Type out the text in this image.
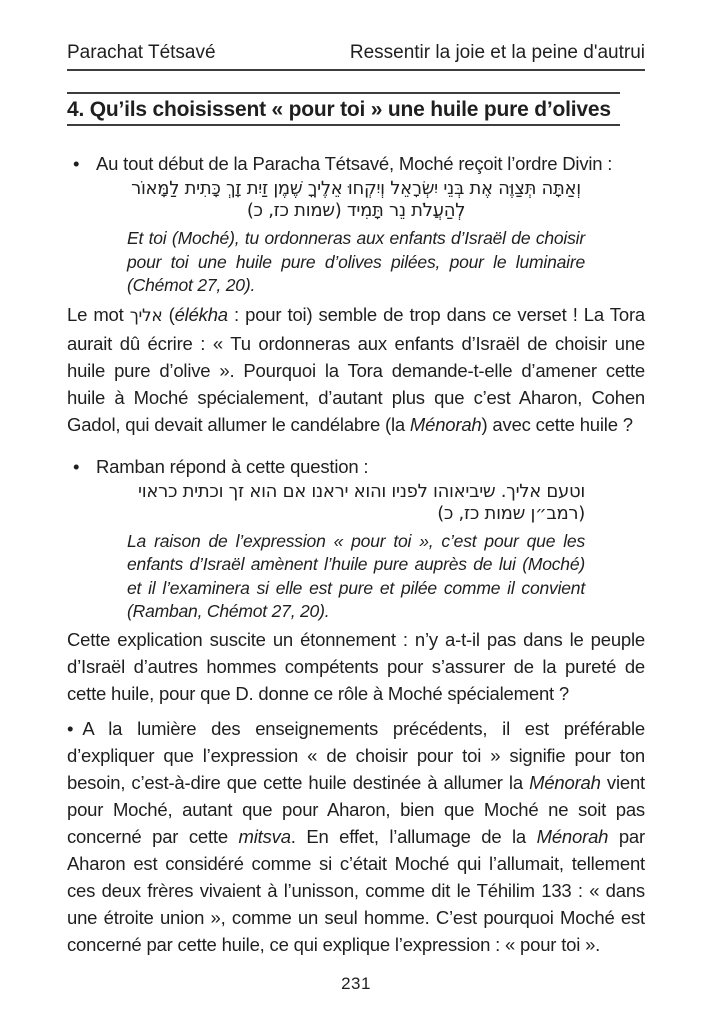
Parachat Tétsavé	Ressentir la joie et la peine d'autrui
4. Qu’ils choisissent « pour toi » une huile pure d’olives

• Au tout début de la Paracha Tétsavé, Moché reçoit l’ordre Divin :

וְאַתָּה תְּצַוֶּה אֶת בְּנֵי יִשְׂרָאֵל וְיִקְחוּ אֵלֶיךָ שֶׁמֶן זַיִת זָךְ כָּתִית לַמָּאוֹר
לְהַעֲלֹת נֵר תָּמִיד (שמות כז, כ)

Et toi (Moché), tu ordonneras aux enfants d’Israël de choisir pour toi une huile pure d’olives pilées, pour le luminaire (Chémot 27, 20).

Le mot אליך (élékha : pour toi) semble de trop dans ce verset ! La Tora aurait dû écrire : « Tu ordonneras aux enfants d’Israël de choisir une huile pure d’olive ». Pourquoi la Tora demande-t-elle d’amener cette huile à Moché spécialement, d’autant plus que c’est Aharon, Cohen Gadol, qui devait allumer le candélabre (la Ménorah) avec cette huile ?

• Ramban répond à cette question :

וטעם אליך. שיביאוהו לפניו והוא יראנו אם הוא זך וכתית כראוי
(רמב״ן שמות כז, כ)

La raison de l’expression « pour toi », c’est pour que les enfants d’Israël amènent l’huile pure auprès de lui (Moché) et il l’examinera si elle est pure et pilée comme il convient (Ramban, Chémot 27, 20).

Cette explication suscite un étonnement : n’y a-t-il pas dans le peuple d’Israël d’autres hommes compétents pour s’assurer de la pureté de cette huile, pour que D. donne ce rôle à Moché spécialement ?

• A la lumière des enseignements précédents, il est préférable d’expliquer que l’expression « de choisir pour toi » signifie pour ton besoin, c’est-à-dire que cette huile destinée à allumer la Ménorah vient pour Moché, autant que pour Aharon, bien que Moché ne soit pas concerné par cette mitsva. En effet, l’allumage de la Ménorah par Aharon est considéré comme si c’était Moché qui l’allumait, tellement ces deux frères vivaient à l’unisson, comme dit le Téhilim 133 : « dans une étroite union », comme un seul homme. C’est pourquoi Moché est concerné par cette huile, ce qui explique l’expression : « pour toi ».

231
